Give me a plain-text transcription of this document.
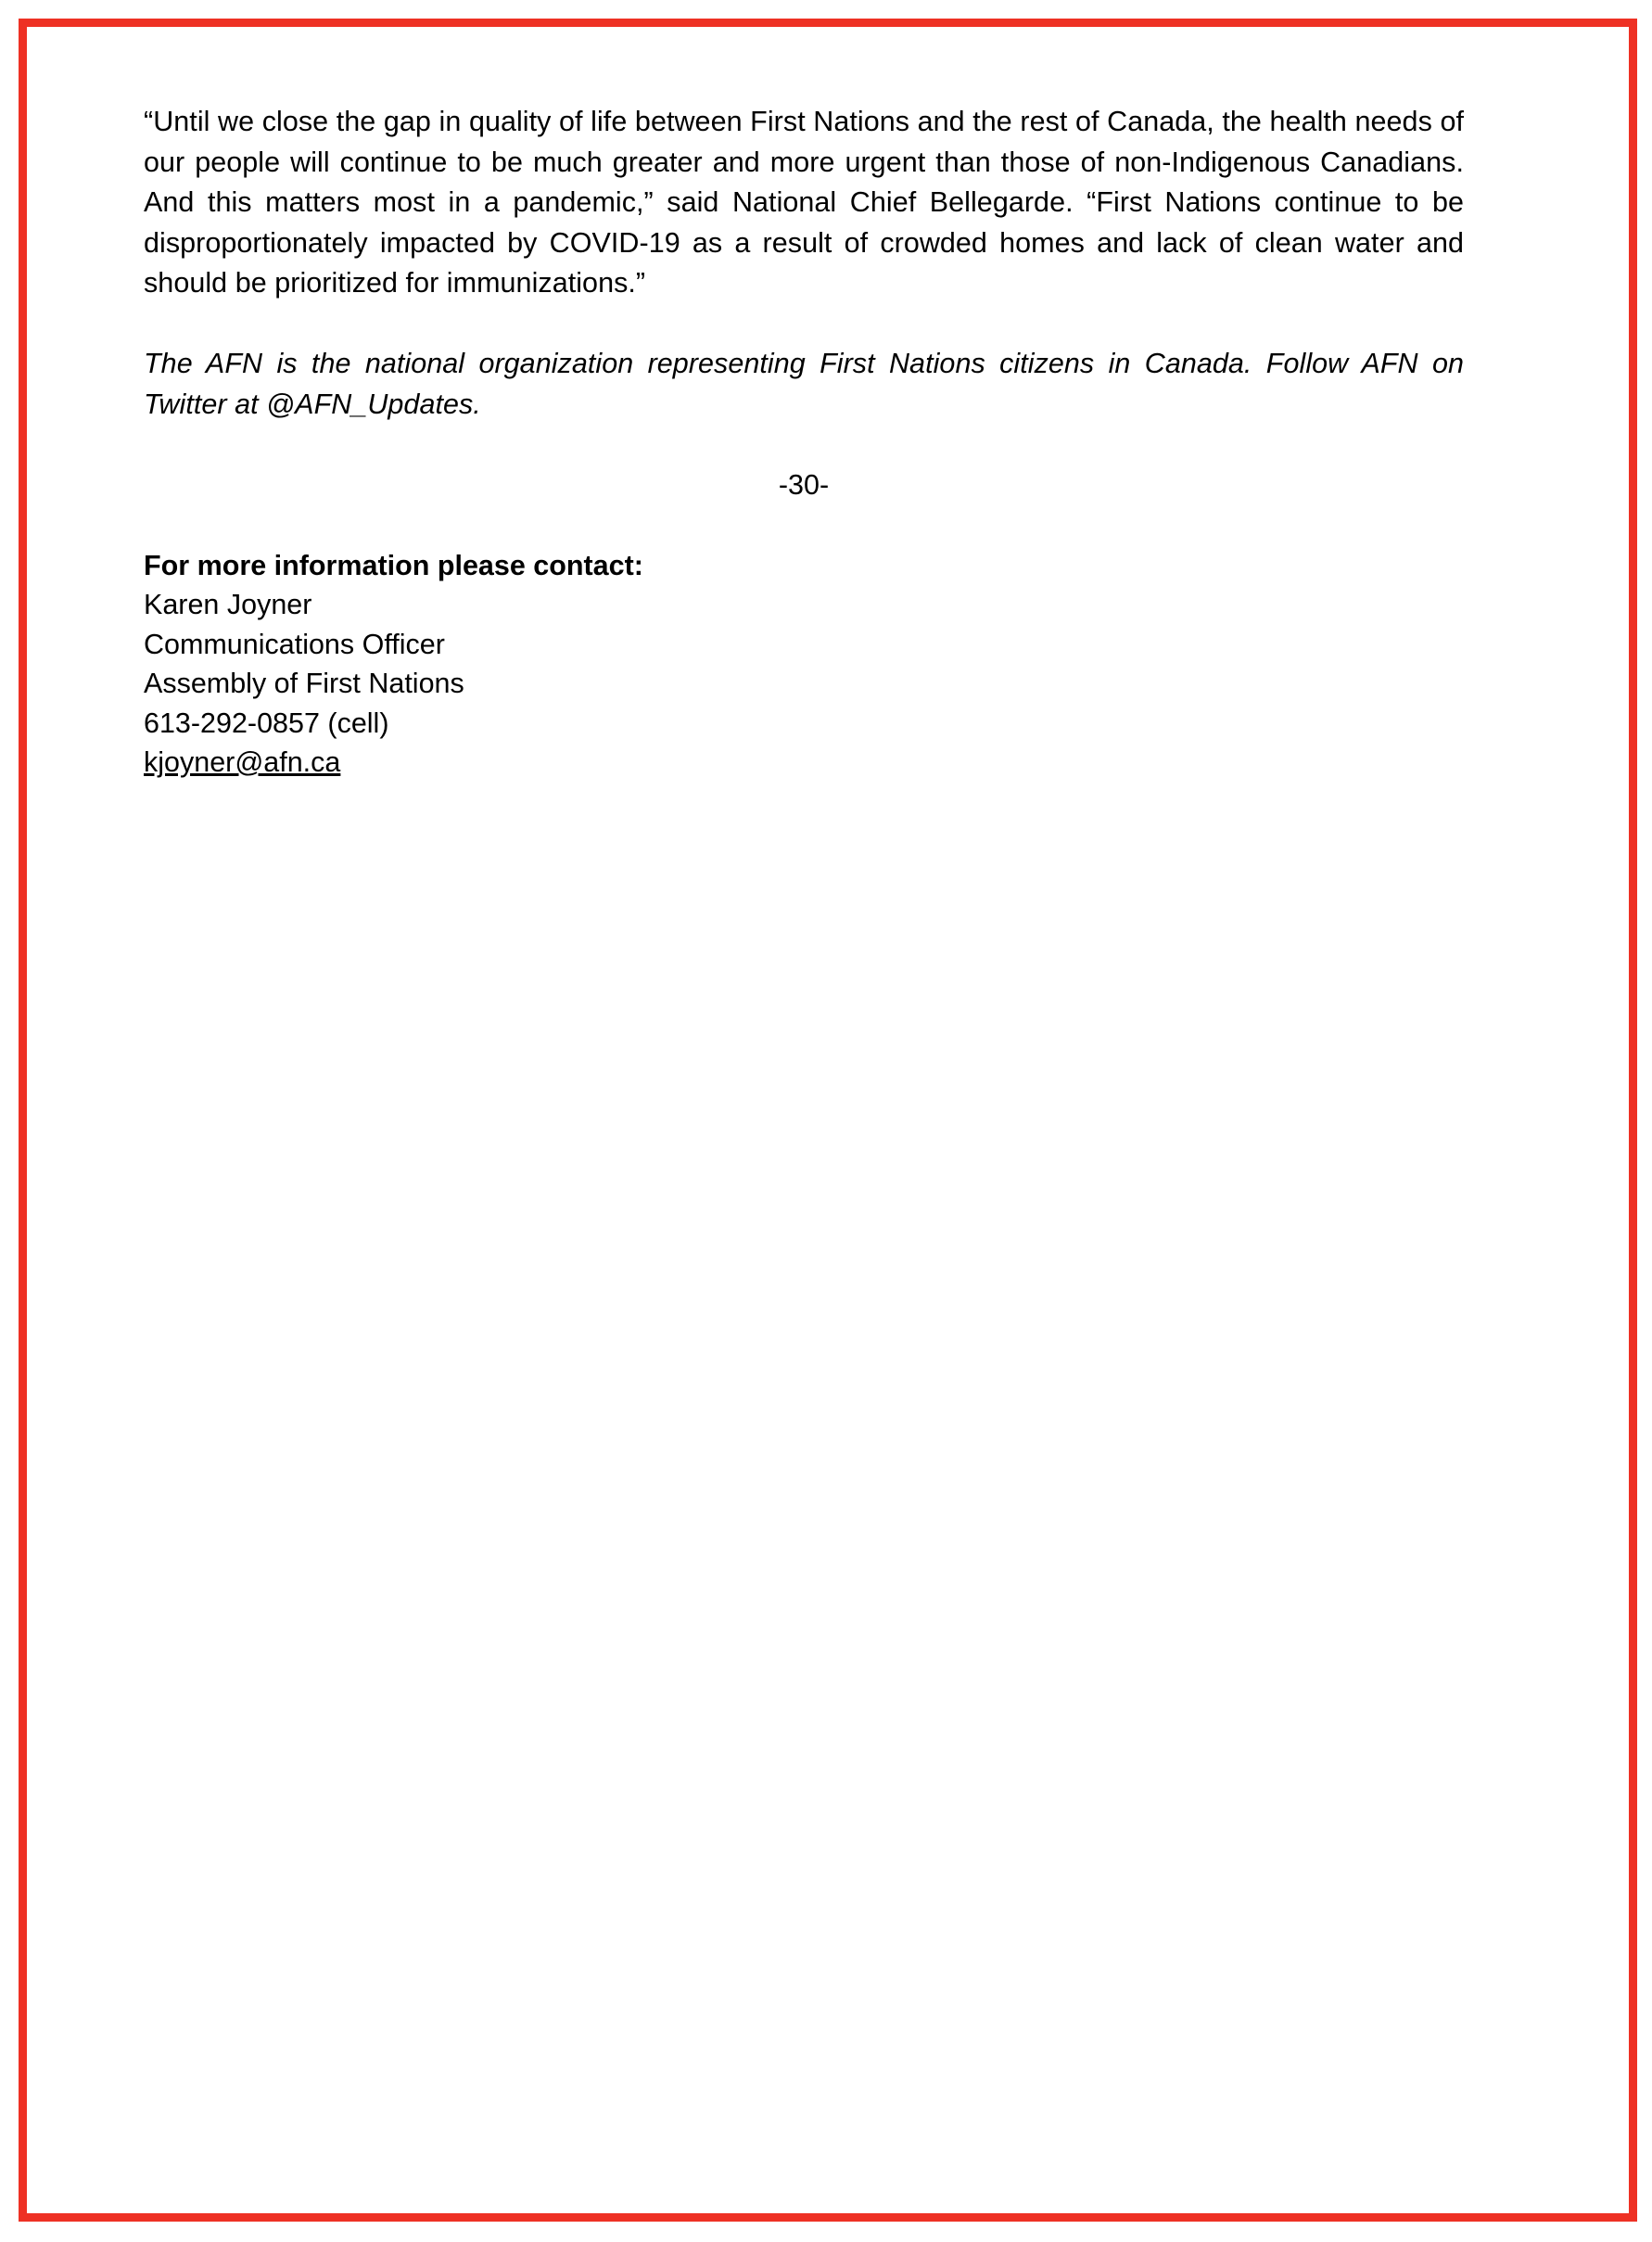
“Until we close the gap in quality of life between First Nations and the rest of Canada, the health needs of our people will continue to be much greater and more urgent than those of non-Indigenous Canadians. And this matters most in a pandemic,” said National Chief Bellegarde. “First Nations continue to be disproportionately impacted by COVID-19 as a result of crowded homes and lack of clean water and should be prioritized for immunizations.”

The AFN is the national organization representing First Nations citizens in Canada. Follow AFN on Twitter at @AFN_Updates.

-30-

For more information please contact:
Karen Joyner
Communications Officer
Assembly of First Nations
613-292-0857 (cell)
kjoyner@afn.ca
